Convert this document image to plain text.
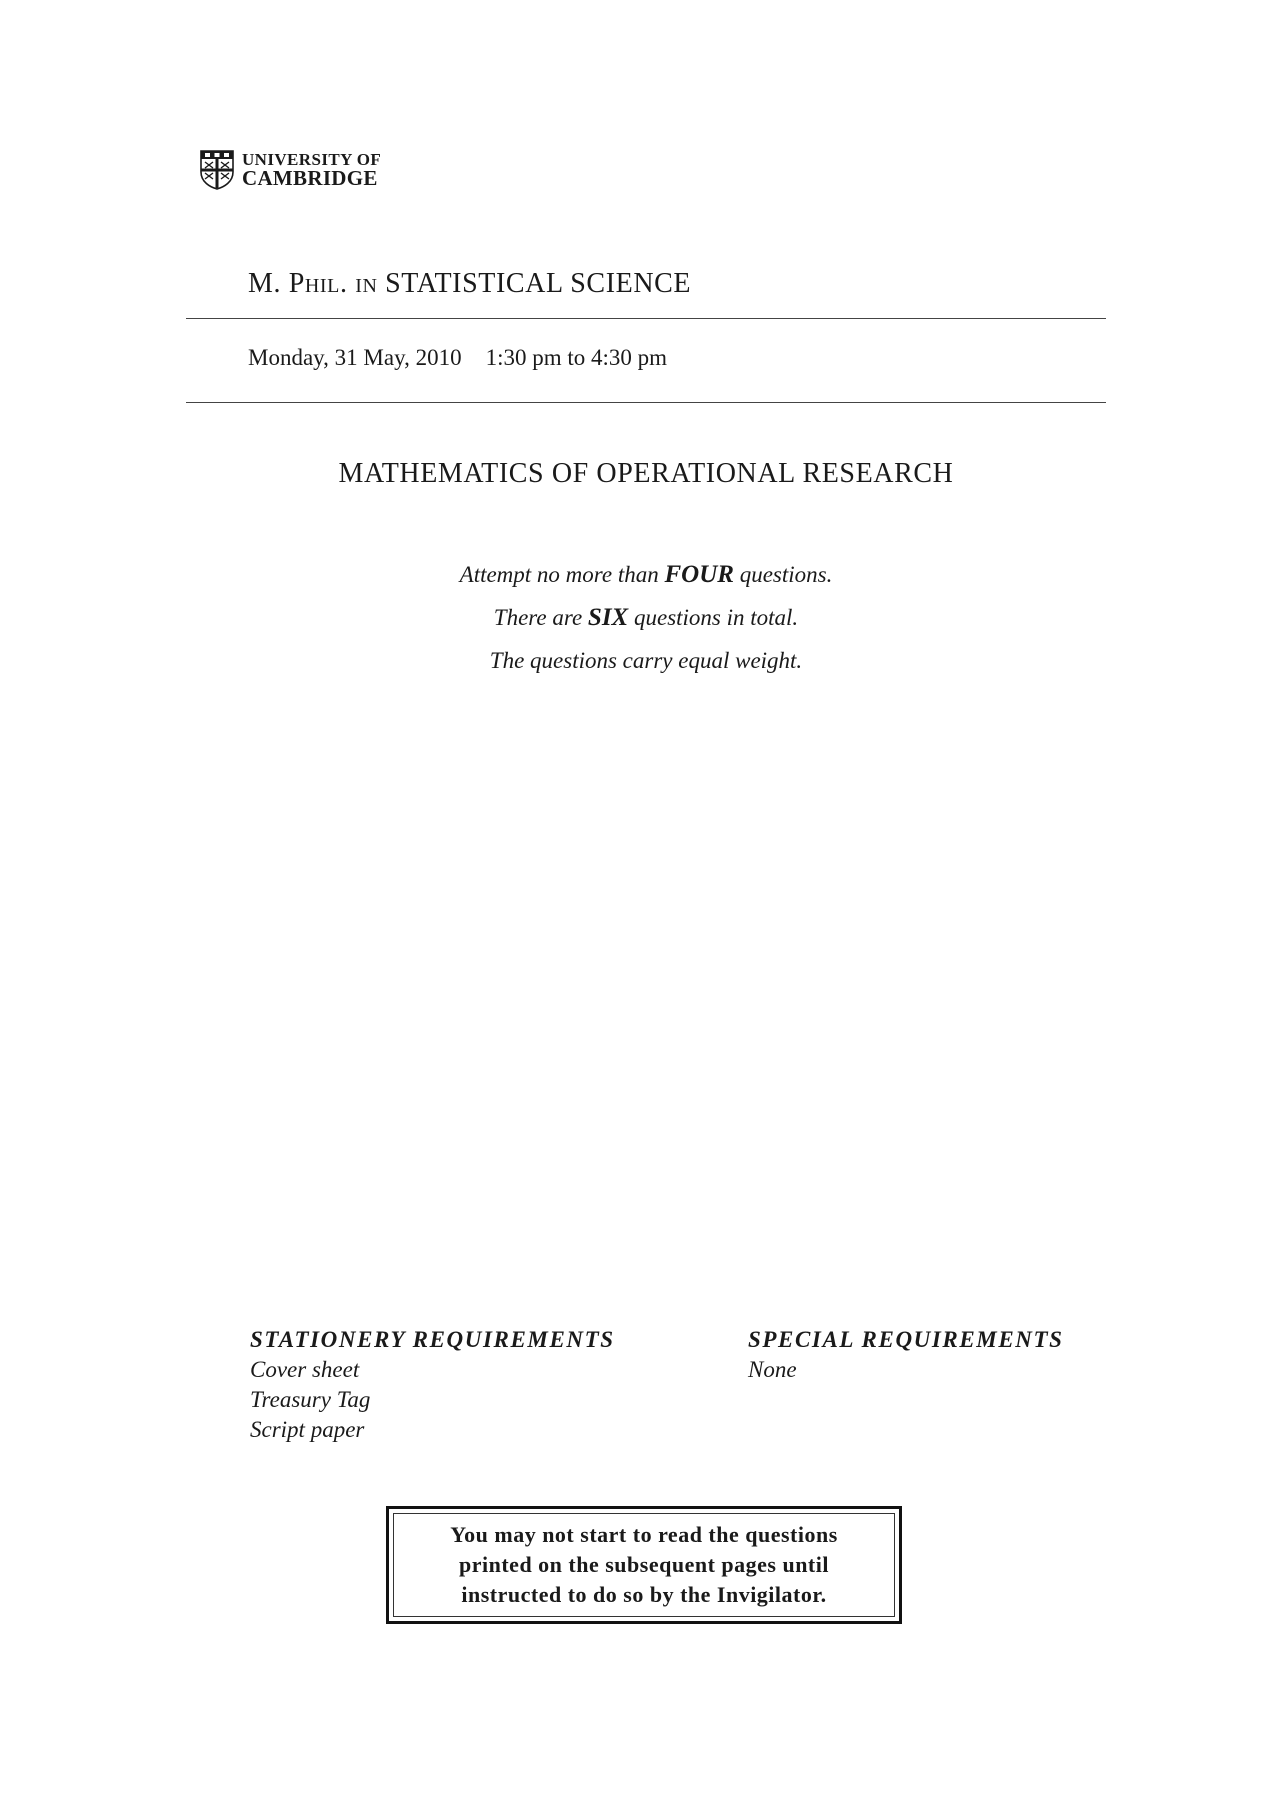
UNIVERSITY OF
CAMBRIDGE
M. Phil. in STATISTICAL SCIENCE
Monday, 31 May, 2010 1:30 pm to 4:30 pm
MATHEMATICS OF OPERATIONAL RESEARCH
Attempt no more than FOUR questions.
There are SIX questions in total.
The questions carry equal weight.
STATIONERY REQUIREMENTS
Cover sheet
Treasury Tag
Script paper
SPECIAL REQUIREMENTS
None
You may not start to read the questions
printed on the subsequent pages until
instructed to do so by the Invigilator.
